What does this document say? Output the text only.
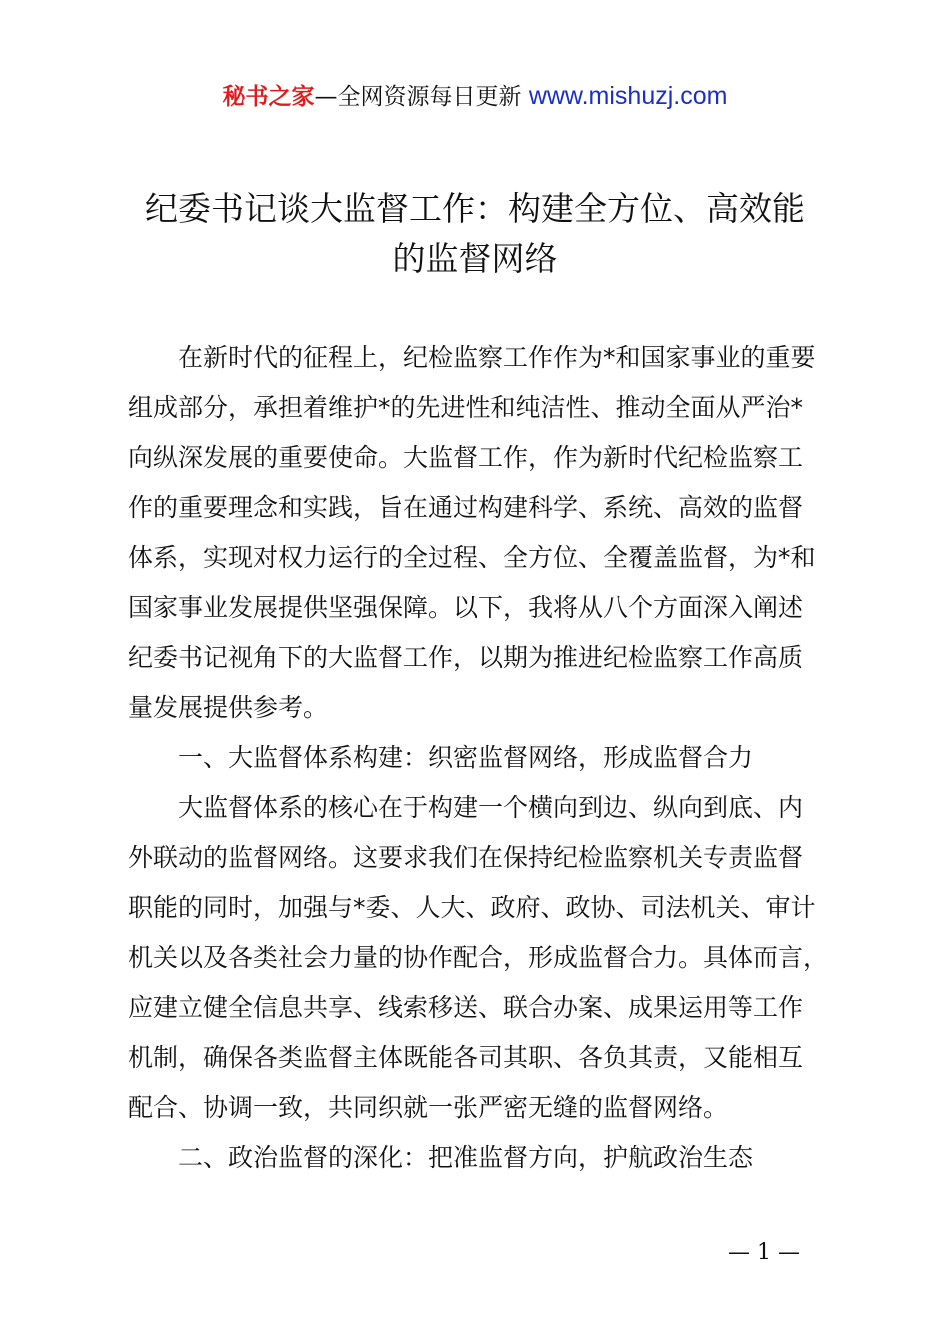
秘书之家—全网资源每日更新 www.mishuzj.com
纪委书记谈大监督工作：构建全方位、高效能
的监督网络

在新时代的征程上，纪检监察工作作为*和国家事业的重要
组成部分，承担着维护*的先进性和纯洁性、推动全面从严治*
向纵深发展的重要使命。大监督工作，作为新时代纪检监察工
作的重要理念和实践，旨在通过构建科学、系统、高效的监督
体系，实现对权力运行的全过程、全方位、全覆盖监督，为*和
国家事业发展提供坚强保障。以下，我将从八个方面深入阐述
纪委书记视角下的大监督工作，以期为推进纪检监察工作高质
量发展提供参考。

一、大监督体系构建：织密监督网络，形成监督合力

大监督体系的核心在于构建一个横向到边、纵向到底、内
外联动的监督网络。这要求我们在保持纪检监察机关专责监督
职能的同时，加强与*委、人大、政府、政协、司法机关、审计
机关以及各类社会力量的协作配合，形成监督合力。具体而言，
应建立健全信息共享、线索移送、联合办案、成果运用等工作
机制，确保各类监督主体既能各司其职、各负其责，又能相互
配合、协调一致，共同织就一张严密无缝的监督网络。

二、政治监督的深化：把准监督方向，护航政治生态

— 1 —
